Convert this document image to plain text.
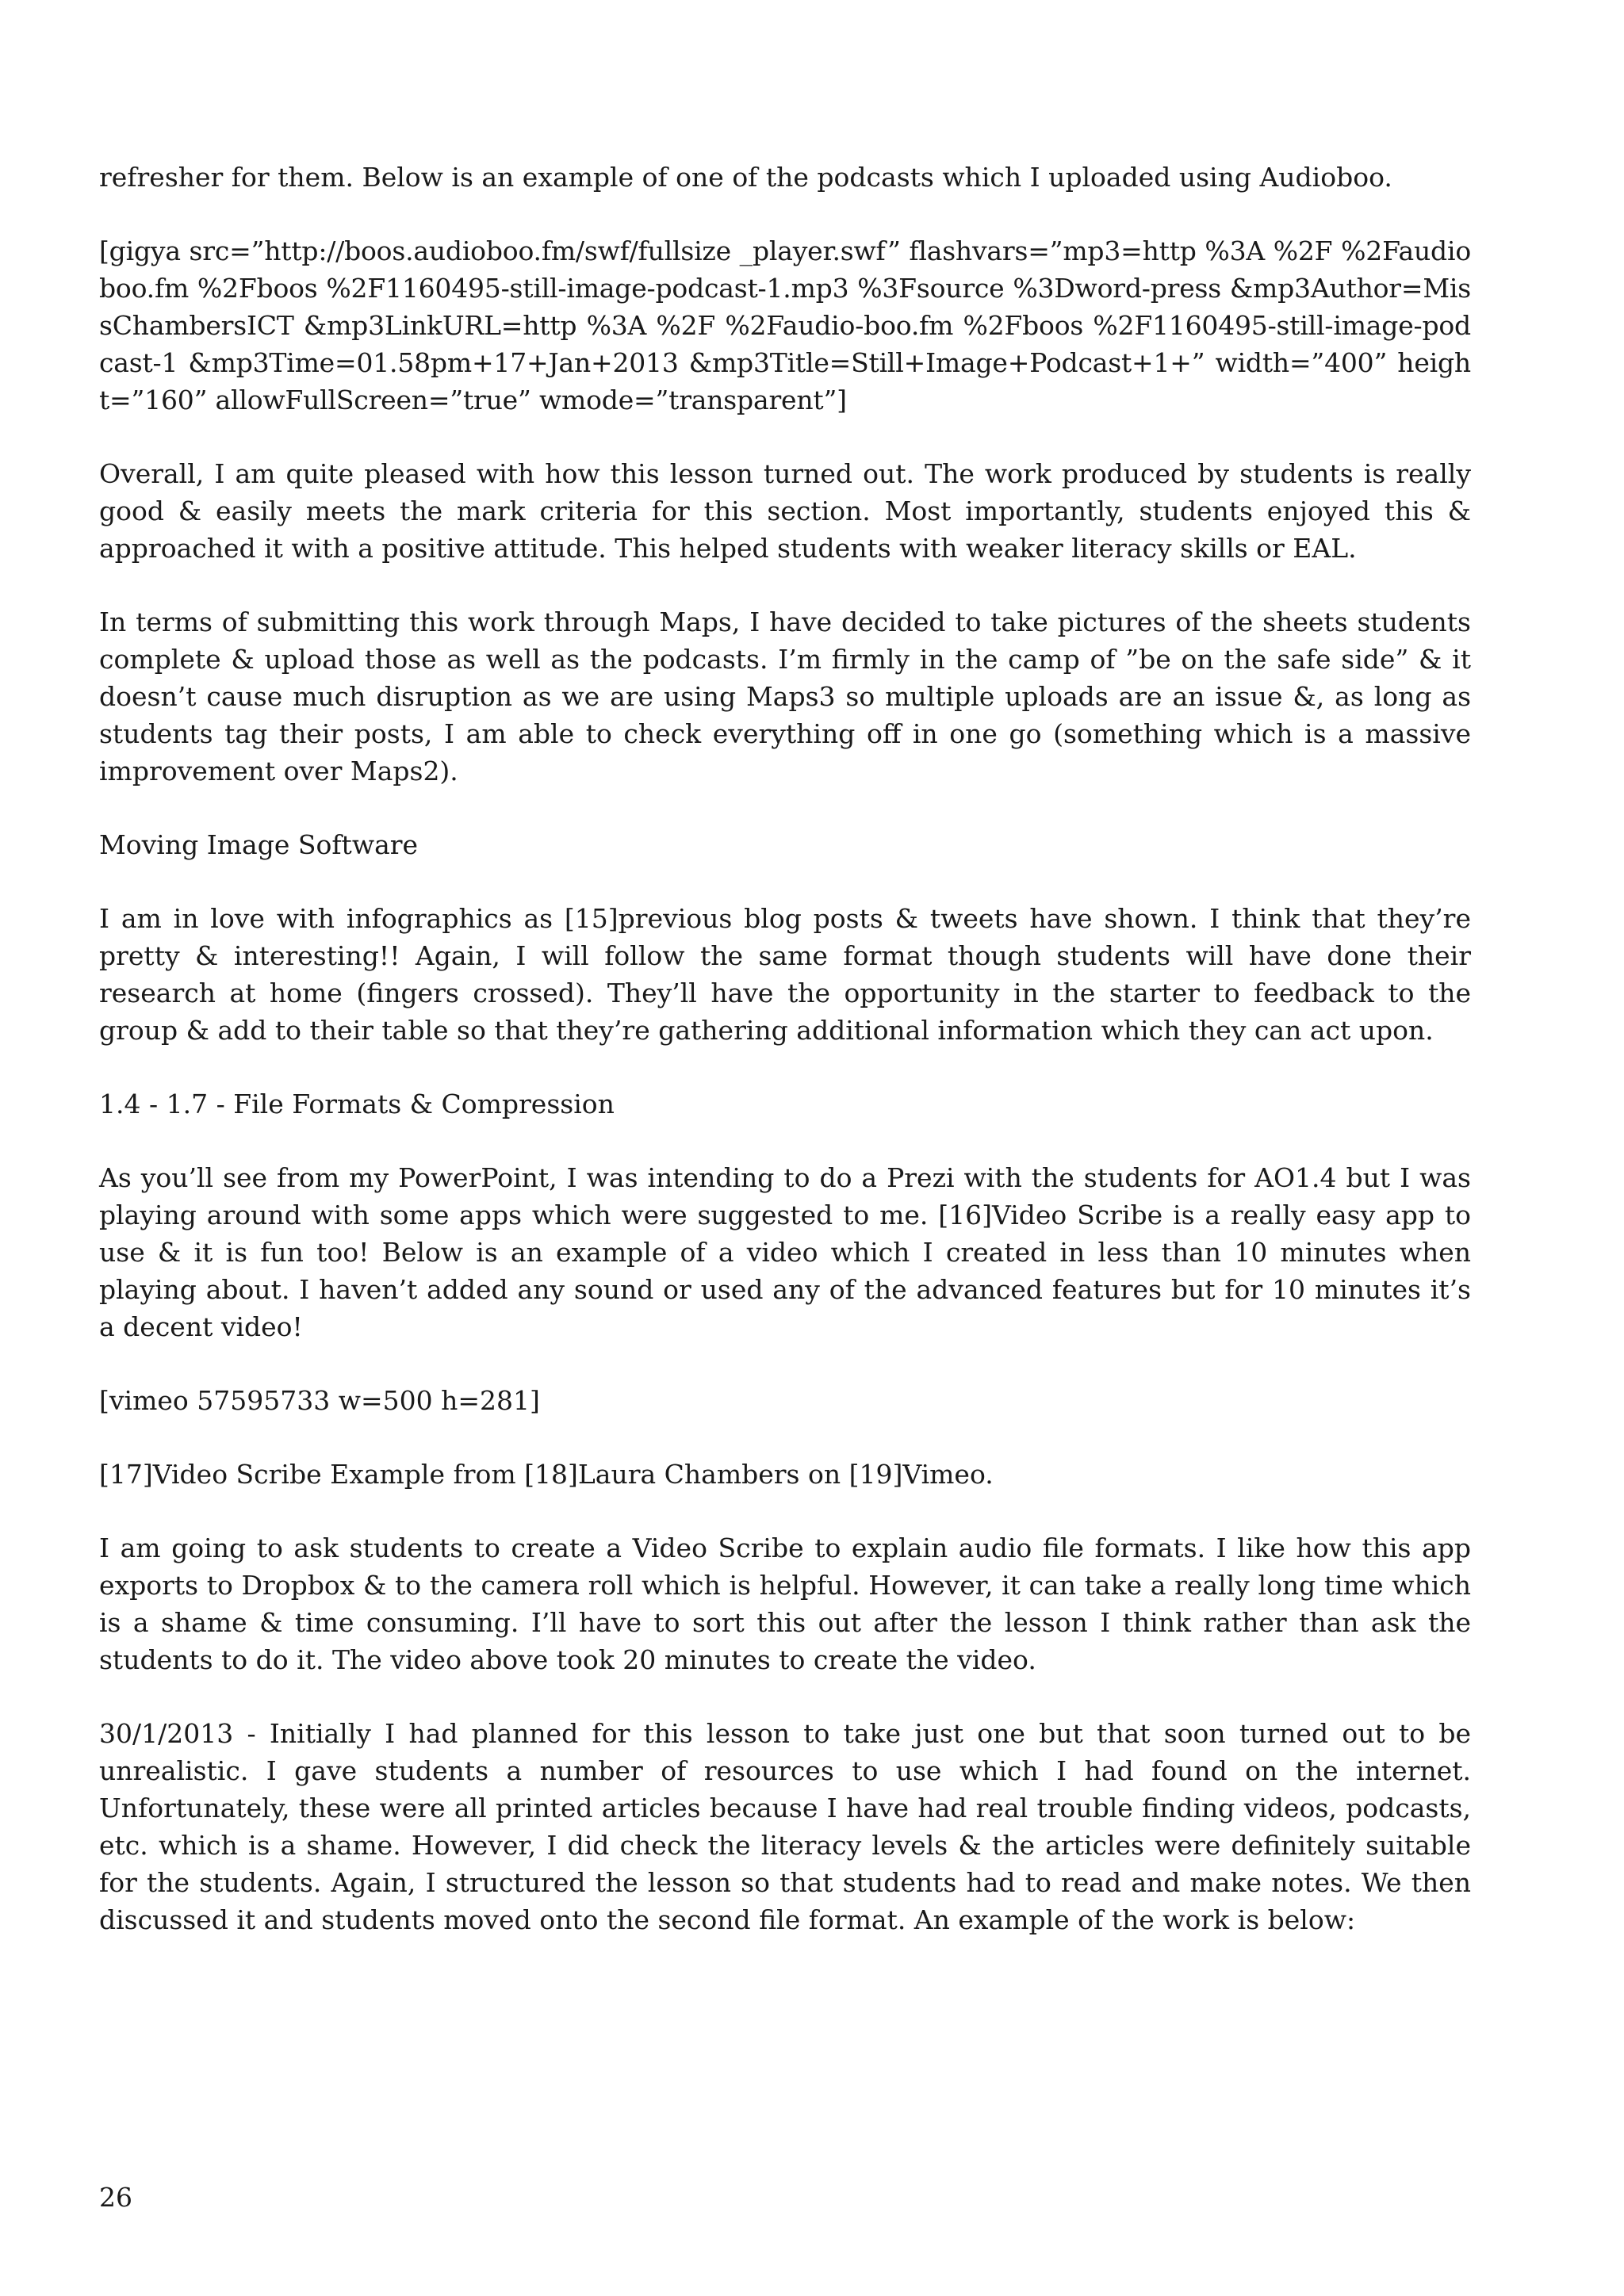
refresher for them. Below is an example of one of the podcasts which I uploaded using Audioboo.

[gigya src=”http://boos.audioboo.fm/swf/fullsize _player.swf” flashvars=”mp3=http %3A %2F %2Faudioboo.fm %2Fboos %2F1160495-still-image-podcast-1.mp3 %3Fsource %3Dword-press &mp3Author=MissChambersICT &mp3LinkURL=http %3A %2F %2Faudio-boo.fm %2Fboos %2F1160495-still-image-podcast-1 &mp3Time=01.58pm+17+Jan+2013 &mp3Title=Still+Image+Podcast+1+” width=”400” height=”160” allowFullScreen=”true” wmode=”transparent”]

Overall, I am quite pleased with how this lesson turned out. The work produced by students is really good & easily meets the mark criteria for this section. Most importantly, students enjoyed this & approached it with a positive attitude. This helped students with weaker literacy skills or EAL.

In terms of submitting this work through Maps, I have decided to take pictures of the sheets students complete & upload those as well as the podcasts. I’m firmly in the camp of ”be on the safe side” & it doesn’t cause much disruption as we are using Maps3 so multiple uploads are an issue &, as long as students tag their posts, I am able to check everything off in one go (something which is a massive improvement over Maps2).

Moving Image Software

I am in love with infographics as [15]previous blog posts & tweets have shown. I think that they’re pretty & interesting!! Again, I will follow the same format though students will have done their research at home (fingers crossed). They’ll have the opportunity in the starter to feedback to the group & add to their table so that they’re gathering additional information which they can act upon.

1.4 - 1.7 - File Formats & Compression

As you’ll see from my PowerPoint, I was intending to do a Prezi with the students for AO1.4 but I was playing around with some apps which were suggested to me. [16]Video Scribe is a really easy app to use & it is fun too! Below is an example of a video which I created in less than 10 minutes when playing about. I haven’t added any sound or used any of the advanced features but for 10 minutes it’s a decent video!

[vimeo 57595733 w=500 h=281]

[17]Video Scribe Example from [18]Laura Chambers on [19]Vimeo.

I am going to ask students to create a Video Scribe to explain audio file formats. I like how this app exports to Dropbox & to the camera roll which is helpful. However, it can take a really long time which is a shame & time consuming. I’ll have to sort this out after the lesson I think rather than ask the students to do it. The video above took 20 minutes to create the video.

30/1/2013 - Initially I had planned for this lesson to take just one but that soon turned out to be unrealistic. I gave students a number of resources to use which I had found on the internet. Unfortunately, these were all printed articles because I have had real trouble finding videos, podcasts, etc. which is a shame. However, I did check the literacy levels & the articles were definitely suitable for the students. Again, I structured the lesson so that students had to read and make notes. We then discussed it and students moved onto the second file format. An example of the work is below:

26
